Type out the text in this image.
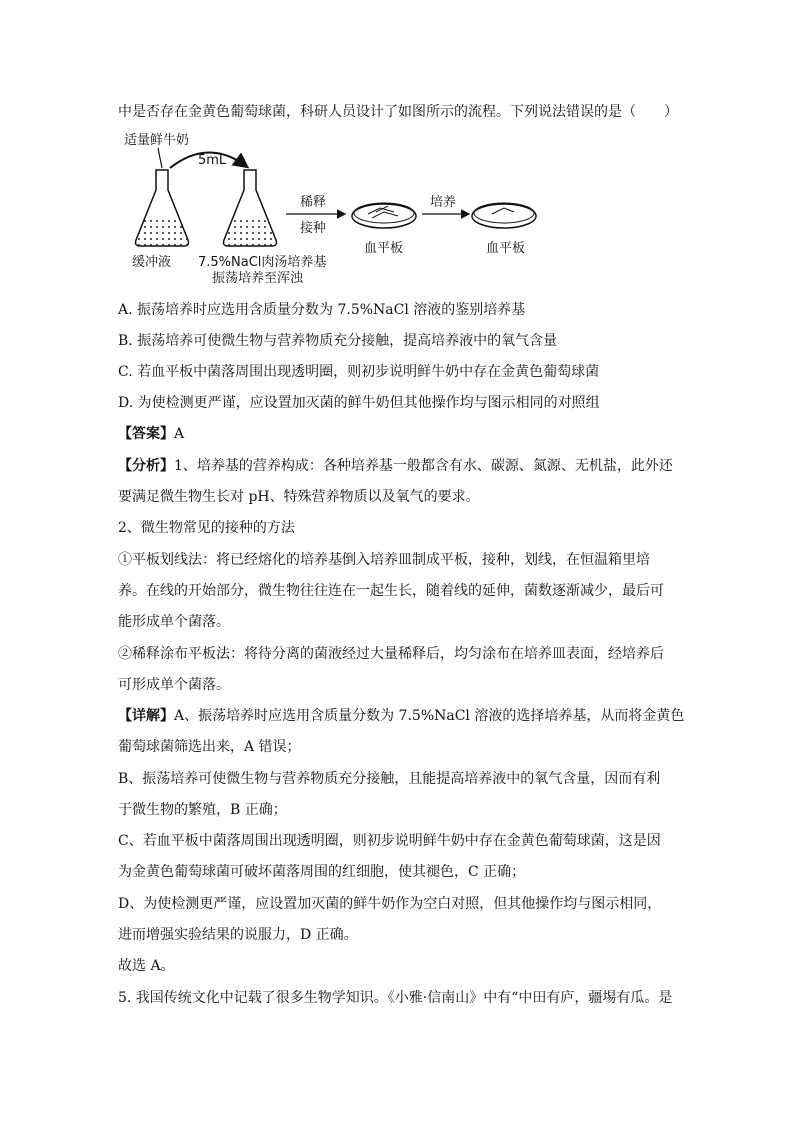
中是否存在金黄色葡萄球菌，科研人员设计了如图所示的流程。下列说法错误的是（　　）
适量鲜牛奶
5mL
缓冲液 7.5%NaCl肉汤培养基
振荡培养至浑浊
稀释
接种
血平板
培养
血平板
A. 振荡培养时应选用含质量分数为 7.5%NaCl 溶液的鉴别培养基
B. 振荡培养可使微生物与营养物质充分接触，提高培养液中的氧气含量
C. 若血平板中菌落周围出现透明圈，则初步说明鲜牛奶中存在金黄色葡萄球菌
D. 为使检测更严谨，应设置加灭菌的鲜牛奶但其他操作均与图示相同的对照组
【答案】A
【分析】1、培养基的营养构成：各种培养基一般都含有水、碳源、氮源、无机盐，此外还
要满足微生物生长对 pH、特殊营养物质以及氧气的要求。
2、微生物常见的接种的方法
①平板划线法：将已经熔化的培养基倒入培养皿制成平板，接种，划线，在恒温箱里培
养。在线的开始部分，微生物往往连在一起生长，随着线的延伸，菌数逐渐减少，最后可
能形成单个菌落。
②稀释涂布平板法：将待分离的菌液经过大量稀释后，均匀涂布在培养皿表面，经培养后
可形成单个菌落。
【详解】A、振荡培养时应选用含质量分数为 7.5%NaCl 溶液的选择培养基，从而将金黄色
葡萄球菌筛选出来，A 错误；
B、振荡培养可使微生物与营养物质充分接触，且能提高培养液中的氧气含量，因而有利
于微生物的繁殖，B 正确；
C、若血平板中菌落周围出现透明圈，则初步说明鲜牛奶中存在金黄色葡萄球菌，这是因
为金黄色葡萄球菌可破坏菌落周围的红细胞，使其褪色，C 正确；
D、为使检测更严谨，应设置加灭菌的鲜牛奶作为空白对照，但其他操作均与图示相同，
进而增强实验结果的说服力，D 正确。
故选 A。
5. 我国传统文化中记载了很多生物学知识。《小雅·信南山》中有“中田有庐，疆埸有瓜。是
